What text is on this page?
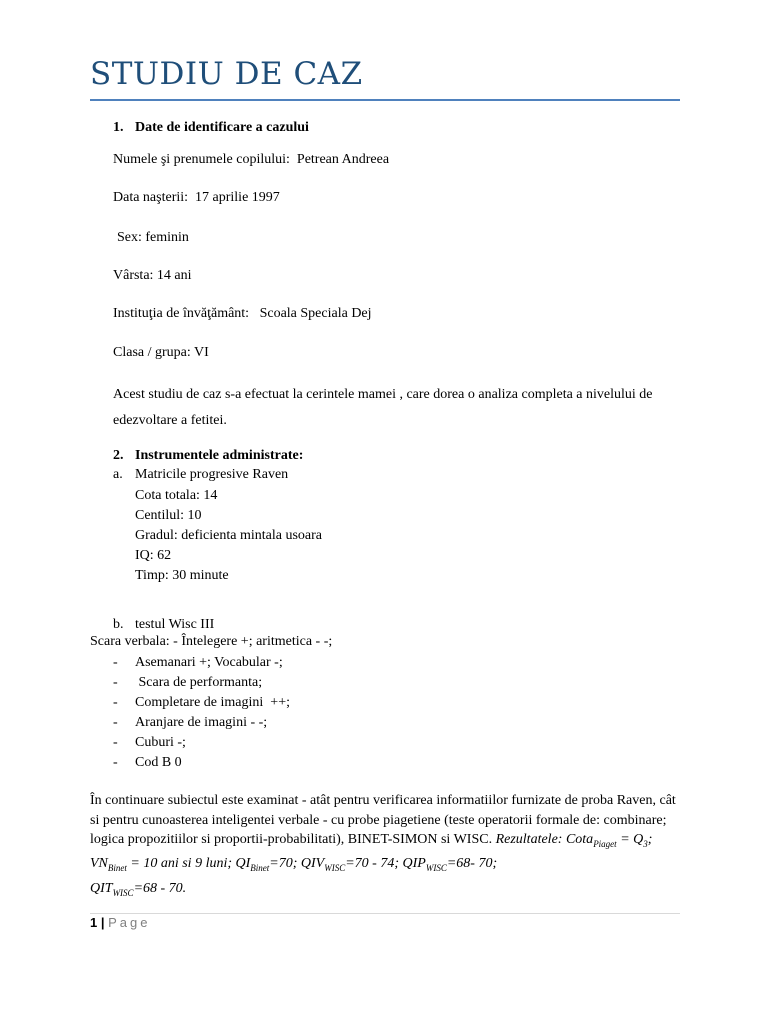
STUDIU DE CAZ
1. Date de identificare a cazului
Numele şi prenumele copilului: Petrean Andreea
Data naşterii: 17 aprilie 1997
Sex: feminin
Vârsta: 14 ani
Instituţia de învăţământ: Scoala Speciala Dej
Clasa / grupa: VI
Acest studiu de caz s-a efectuat la cerintele mamei , care dorea o analiza completa a nivelului de edezvoltare a fetitei.
2. Instrumentele administrate:
a. Matricile progresive Raven
Cota totala: 14
Centilul: 10
Gradul: deficienta mintala usoara
IQ: 62
Timp: 30 minute
b. testul Wisc III
Scara verbala: - Întelegere +; aritmetica - -;
- Asemanari +; Vocabular -;
- Scara de performanta;
- Completare de imagini  ++;
- Aranjare de imagini - -;
- Cuburi -;
- Cod B 0
În continuare subiectul este examinat - atât pentru verificarea informatiilor furnizate de proba Raven, cât si pentru cunoasterea inteligentei verbale - cu probe piagetiene (teste operatorii formale de: combinare; logica propozitiilor si proportii-probabilitati), BINET-SIMON si WISC. Rezultatele: Cota$_{Piaget}$ = $Q_3$; $VN_{Binet} = 10$ ani si 9 luni; $QI_{Binet}=70$; $QIV_{WISC}=70 - 74$; $QIP_{WISC}=68-$ 70;
$QIT_{WISC}=68 - 70$.
1 | Page
